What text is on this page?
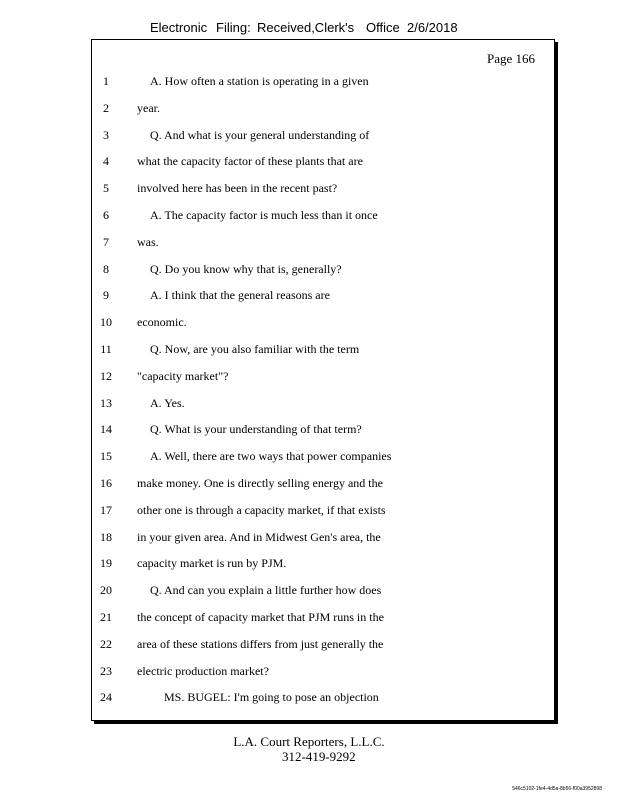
Electronic Filing: Received,Clerk's Office 2/6/2018
Page 166
1	A. How often a station is operating in a given
2	year.
3	Q. And what is your general understanding of
4	what the capacity factor of these plants that are
5	involved here has been in the recent past?
6	A. The capacity factor is much less than it once
7	was.
8	Q. Do you know why that is, generally?
9	A. I think that the general reasons are
10	economic.
11	Q. Now, are you also familiar with the term
12	"capacity market"?
13	A. Yes.
14	Q. What is your understanding of that term?
15	A. Well, there are two ways that power companies
16	make money. One is directly selling energy and the
17	other one is through a capacity market, if that exists
18	in your given area. And in Midwest Gen's area, the
19	capacity market is run by PJM.
20	Q. And can you explain a little further how does
21	the concept of capacity market that PJM runs in the
22	area of these stations differs from just generally the
23	electric production market?
24	MS. BUGEL: I'm going to pose an objection
L.A. Court Reporters, L.L.C.
312-419-9292
546c5102-1fe4-4d5a-8b56-f00a3952898
